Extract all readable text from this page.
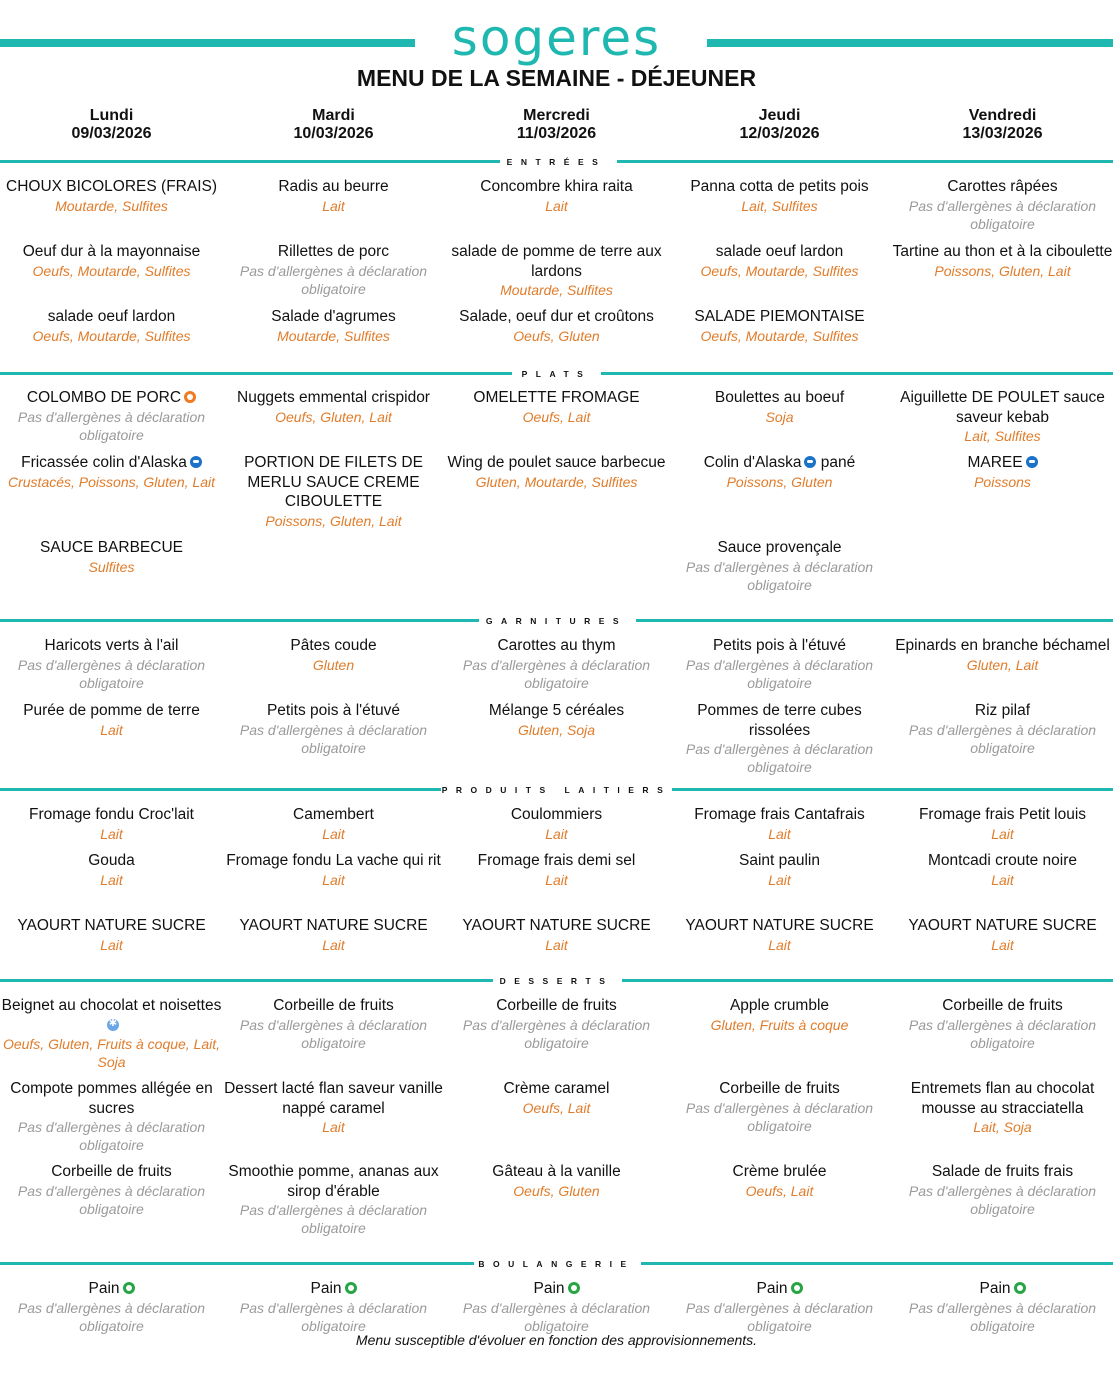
sogeres
MENU DE LA SEMAINE - DÉJEUNER
Lundi
09/03/2026
Mardi
10/03/2026
Mercredi
11/03/2026
Jeudi
12/03/2026
Vendredi
13/03/2026
ENTRÉES
CHOUX BICOLORES (FRAIS)
Moutarde, Sulfites
Oeuf dur à la mayonnaise
Oeufs, Moutarde, Sulfites
salade oeuf lardon
Oeufs, Moutarde, Sulfites
Radis au beurre
Lait
Rillettes de porc
Pas d'allergènes à déclaration obligatoire
Salade d'agrumes
Moutarde, Sulfites
Concombre khira raita
Lait
salade de pomme de terre aux lardons
Moutarde, Sulfites
Salade, oeuf dur et croûtons
Oeufs, Gluten
Panna cotta de petits pois
Lait, Sulfites
salade oeuf lardon
Oeufs, Moutarde, Sulfites
SALADE PIEMONTAISE
Oeufs, Moutarde, Sulfites
Carottes râpées
Pas d'allergènes à déclaration obligatoire
Tartine au thon et à la ciboulette
Poissons, Gluten, Lait
PLATS
COLOMBO DE PORC
Pas d'allergènes à déclaration obligatoire
Fricassée colin d'Alaska
Crustacés, Poissons, Gluten, Lait
SAUCE BARBECUE
Sulfites
Nuggets emmental crispidor
Oeufs, Gluten, Lait
PORTION DE FILETS DE MERLU SAUCE CREME CIBOULETTE
Poissons, Gluten, Lait
OMELETTE FROMAGE
Oeufs, Lait
Wing de poulet sauce barbecue
Gluten, Moutarde, Sulfites
Boulettes au boeuf
Soja
Colin d'Alaska pané
Poissons, Gluten
Sauce provençale
Pas d'allergènes à déclaration obligatoire
Aiguillette DE POULET sauce saveur kebab
Lait, Sulfites
MAREE
Poissons
GARNITURES
Haricots verts à l'ail
Pas d'allergènes à déclaration obligatoire
Purée de pomme de terre
Lait
Pâtes coude
Gluten
Petits pois à l'étuvé
Pas d'allergènes à déclaration obligatoire
Carottes au thym
Pas d'allergènes à déclaration obligatoire
Mélange 5 céréales
Gluten, Soja
Petits pois à l'étuvé
Pas d'allergènes à déclaration obligatoire
Pommes de terre cubes rissolées
Pas d'allergènes à déclaration obligatoire
Epinards en branche béchamel
Gluten, Lait
Riz pilaf
Pas d'allergènes à déclaration obligatoire
PRODUITS LAITIERS
Fromage fondu Croc'lait
Lait
Gouda
Lait
YAOURT NATURE SUCRE
Lait
Camembert
Lait
Fromage fondu La vache qui rit
Lait
YAOURT NATURE SUCRE
Lait
Coulommiers
Lait
Fromage frais demi sel
Lait
YAOURT NATURE SUCRE
Lait
Fromage frais Cantafrais
Lait
Saint paulin
Lait
YAOURT NATURE SUCRE
Lait
Fromage frais Petit louis
Lait
Montcadi croute noire
Lait
YAOURT NATURE SUCRE
Lait
DESSERTS
Beignet au chocolat et noisettes✱
Oeufs, Gluten, Fruits à coque, Lait, Soja
Compote pommes allégée en sucres
Pas d'allergènes à déclaration obligatoire
Corbeille de fruits
Pas d'allergènes à déclaration obligatoire
Corbeille de fruits
Pas d'allergènes à déclaration obligatoire
Dessert lacté flan saveur vanille nappé caramel
Lait
Smoothie pomme, ananas aux sirop d'érable
Pas d'allergènes à déclaration obligatoire
Corbeille de fruits
Pas d'allergènes à déclaration obligatoire
Crème caramel
Oeufs, Lait
Gâteau à la vanille
Oeufs, Gluten
Apple crumble
Gluten, Fruits à coque
Corbeille de fruits
Pas d'allergènes à déclaration obligatoire
Crème brulée
Oeufs, Lait
Corbeille de fruits
Pas d'allergènes à déclaration obligatoire
Entremets flan au chocolat mousse au stracciatella
Lait, Soja
Salade de fruits frais
Pas d'allergènes à déclaration obligatoire
BOULANGERIE
Pain
Pas d'allergènes à déclaration obligatoire
Pain
Pas d'allergènes à déclaration obligatoire
Pain
Pas d'allergènes à déclaration obligatoire
Pain
Pas d'allergènes à déclaration obligatoire
Pain
Pas d'allergènes à déclaration obligatoire
Menu susceptible d'évoluer en fonction des approvisionnements.
